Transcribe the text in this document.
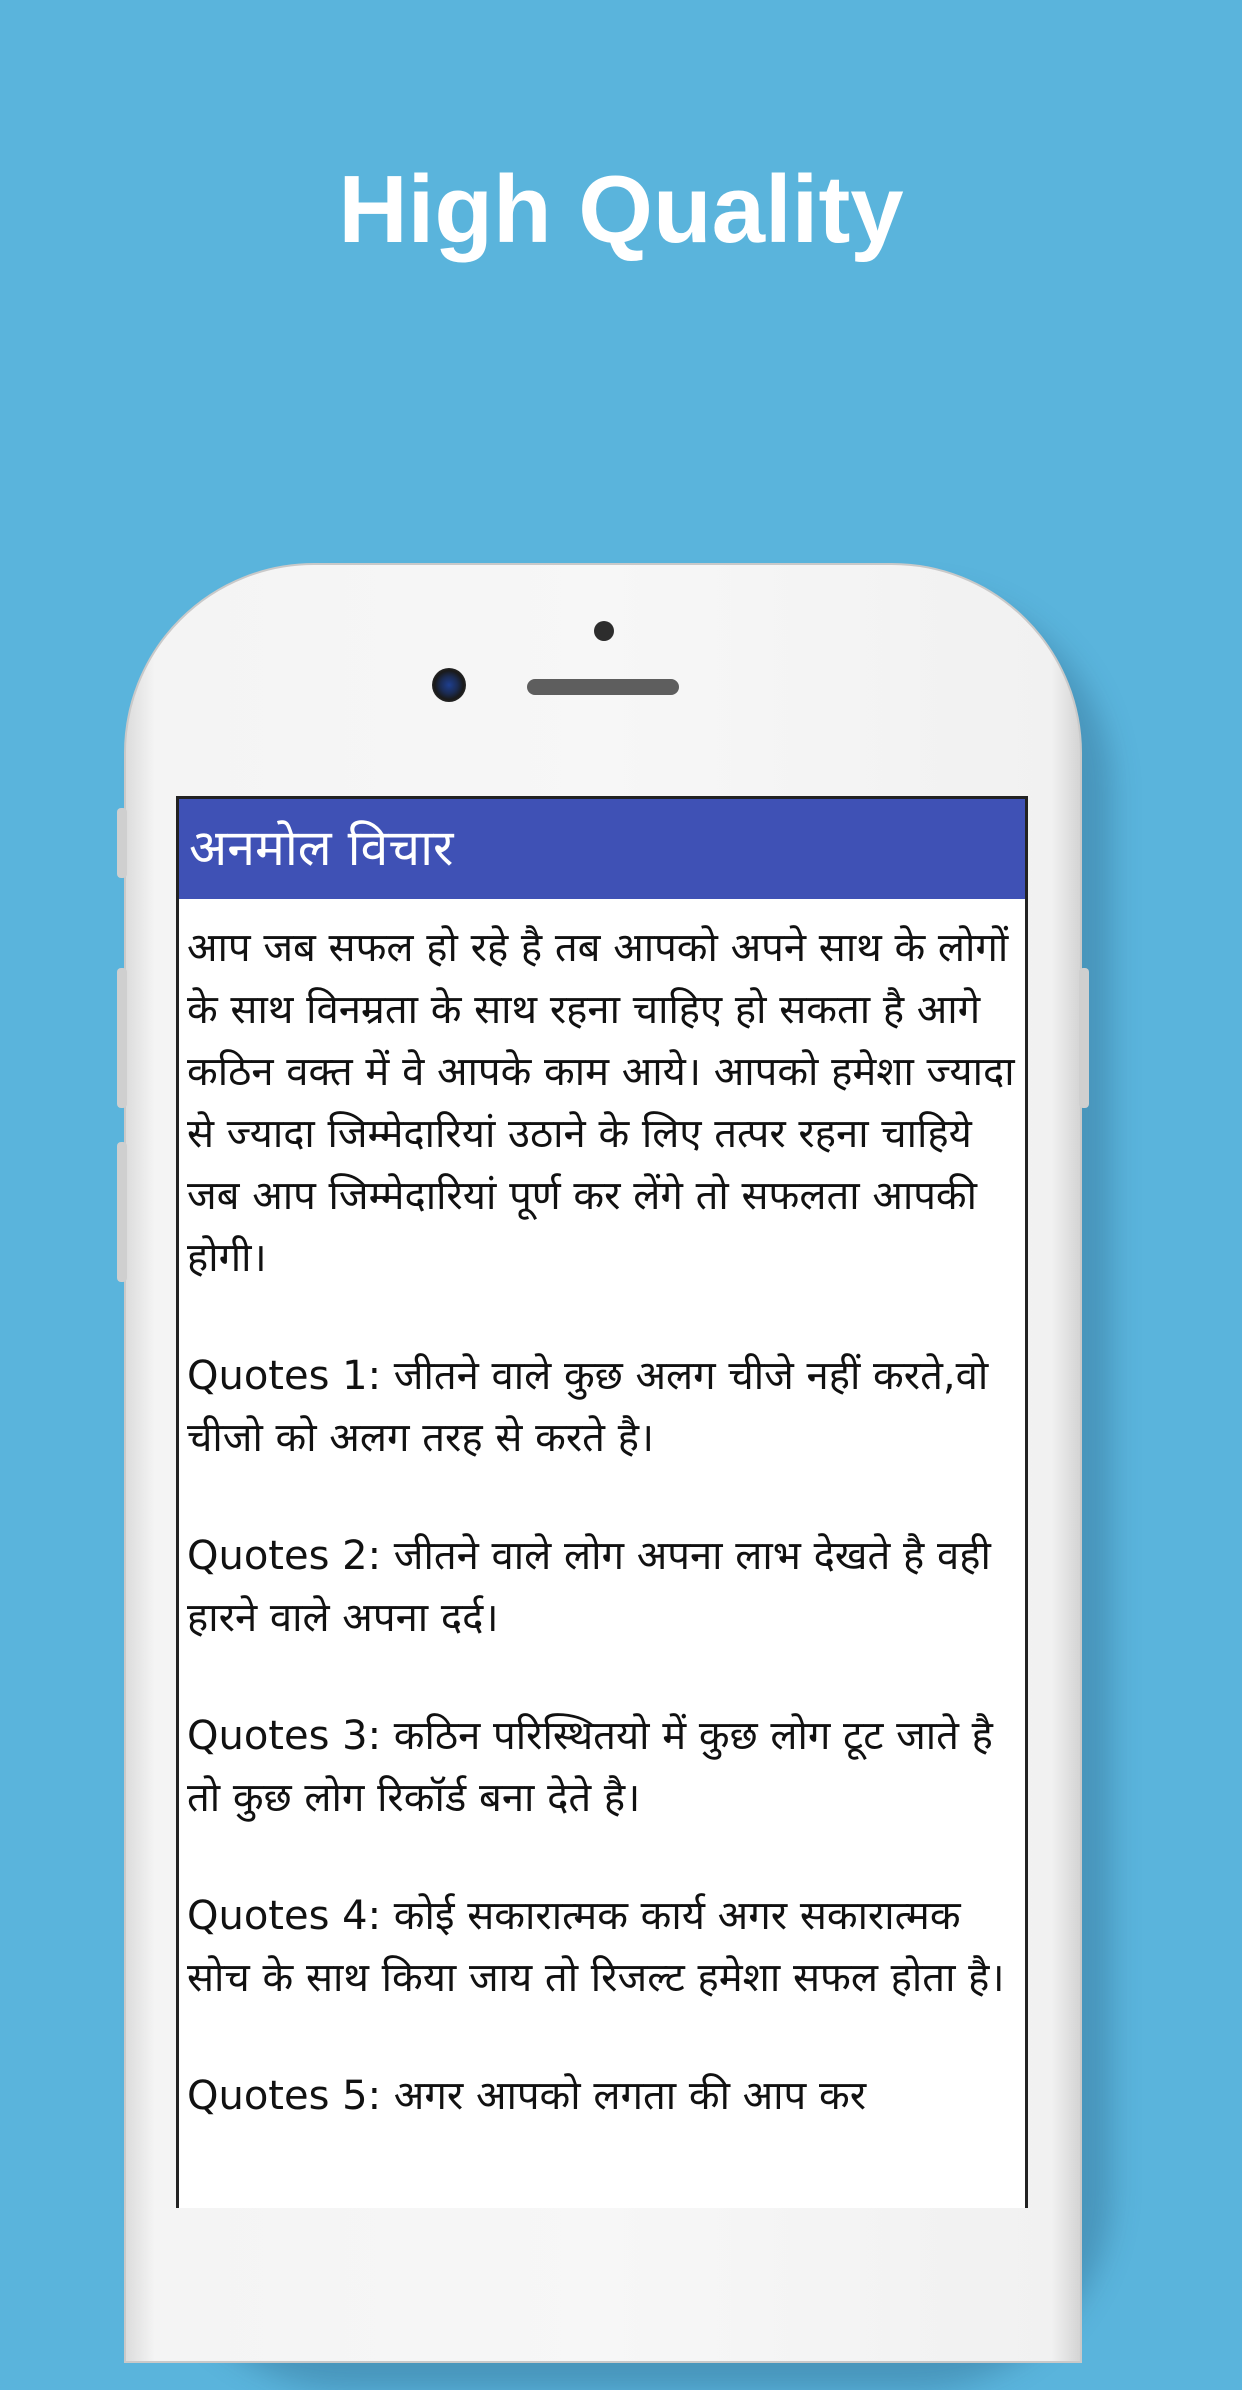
High Quality
अनमोल विचार

आप जब सफल हो रहे है तब आपको अपने साथ के लोगों के साथ विनम्रता के साथ रहना चाहिए हो सकता है आगे कठिन वक्त में वे आपके काम आये। आपको हमेशा ज्यादा से ज्यादा जिम्मेदारियां उठाने के लिए तत्पर रहना चाहिये जब आप जिम्मेदारियां पूर्ण कर लेंगे तो सफलता आपकी होगी।

Quotes 1: जीतने वाले कुछ अलग चीजे नहीं करते,वो चीजो को अलग तरह से करते है।

Quotes 2: जीतने वाले लोग अपना लाभ देखते है वही हारने वाले अपना दर्द।

Quotes 3: कठिन परिस्थितयो में कुछ लोग टूट जाते है तो कुछ लोग रिकॉर्ड बना देते है।

Quotes 4: कोई सकारात्मक कार्य अगर सकारात्मक सोच के साथ किया जाय तो रिजल्ट हमेशा सफल होता है।

Quotes 5: अगर आपको लगता की आप कर
